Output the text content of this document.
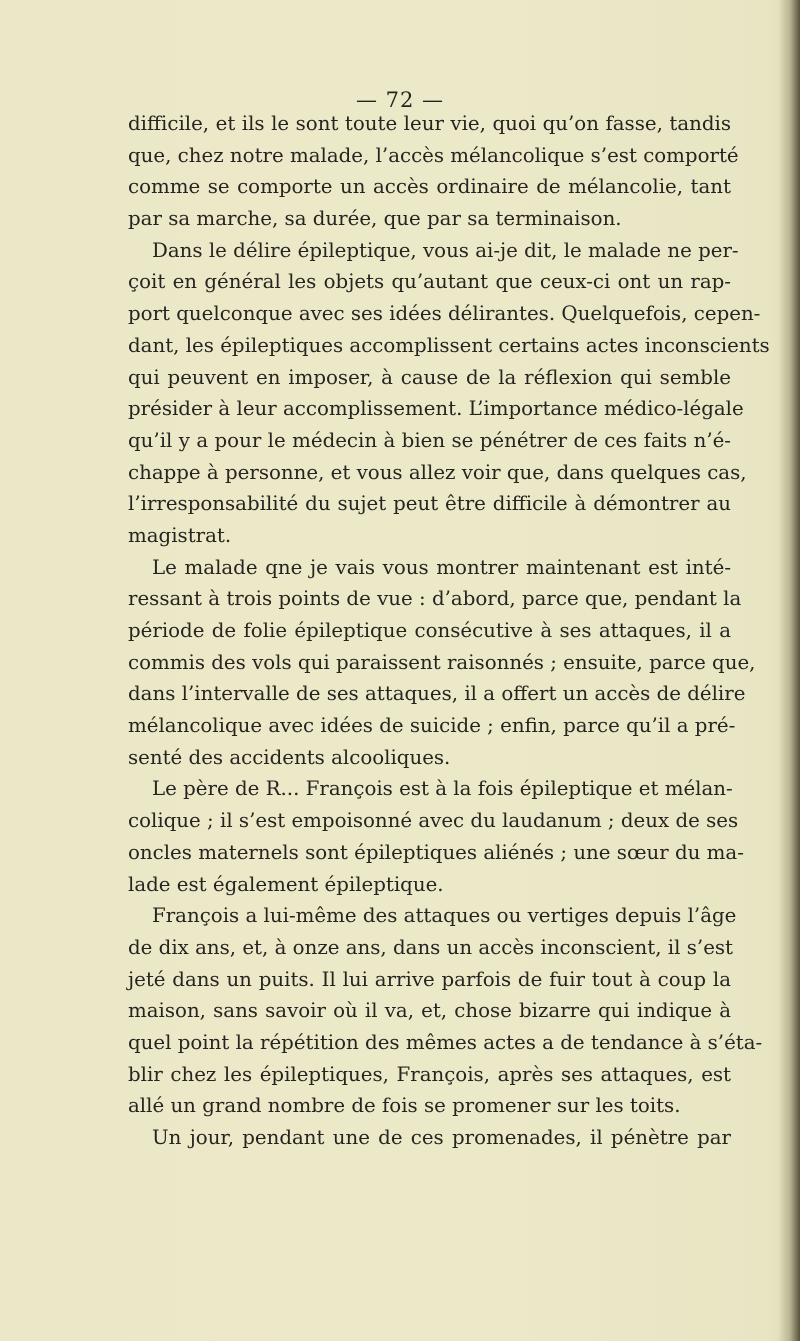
— 72 —
difficile, et ils le sont toute leur vie, quoi qu’on fasse, tandis
que, chez notre malade, l’accès mélancolique s’est comporté
comme se comporte un accès ordinaire de mélancolie, tant
par sa marche, sa durée, que par sa terminaison.
Dans le délire épileptique, vous ai-je dit, le malade ne per-
çoit en général les objets qu’autant que ceux-ci ont un rap-
port quelconque avec ses idées délirantes. Quelquefois, cepen-
dant, les épileptiques accomplissent certains actes inconscients
qui peuvent en imposer, à cause de la réflexion qui semble
présider à leur accomplissement. L’importance médico-légale
qu’il y a pour le médecin à bien se pénétrer de ces faits n’é-
chappe à personne, et vous allez voir que, dans quelques cas,
l’irresponsabilité du sujet peut être difficile à démontrer au
magistrat.
Le malade qne je vais vous montrer maintenant est inté-
ressant à trois points de vue : d’abord, parce que, pendant la
période de folie épileptique consécutive à ses attaques, il a
commis des vols qui paraissent raisonnés ; ensuite, parce que,
dans l’intervalle de ses attaques, il a offert un accès de délire
mélancolique avec idées de suicide ; enfin, parce qu’il a pré-
senté des accidents alcooliques.
Le père de R... François est à la fois épileptique et mélan-
colique ; il s’est empoisonné avec du laudanum ; deux de ses
oncles maternels sont épileptiques aliénés ; une sœur du ma-
lade est également épileptique.
François a lui-même des attaques ou vertiges depuis l’âge
de dix ans, et, à onze ans, dans un accès inconscient, il s’est
jeté dans un puits. Il lui arrive parfois de fuir tout à coup la
maison, sans savoir où il va, et, chose bizarre qui indique à
quel point la répétition des mêmes actes a de tendance à s’éta-
blir chez les épileptiques, François, après ses attaques, est
allé un grand nombre de fois se promener sur les toits.
Un jour, pendant une de ces promenades, il pénètre par
